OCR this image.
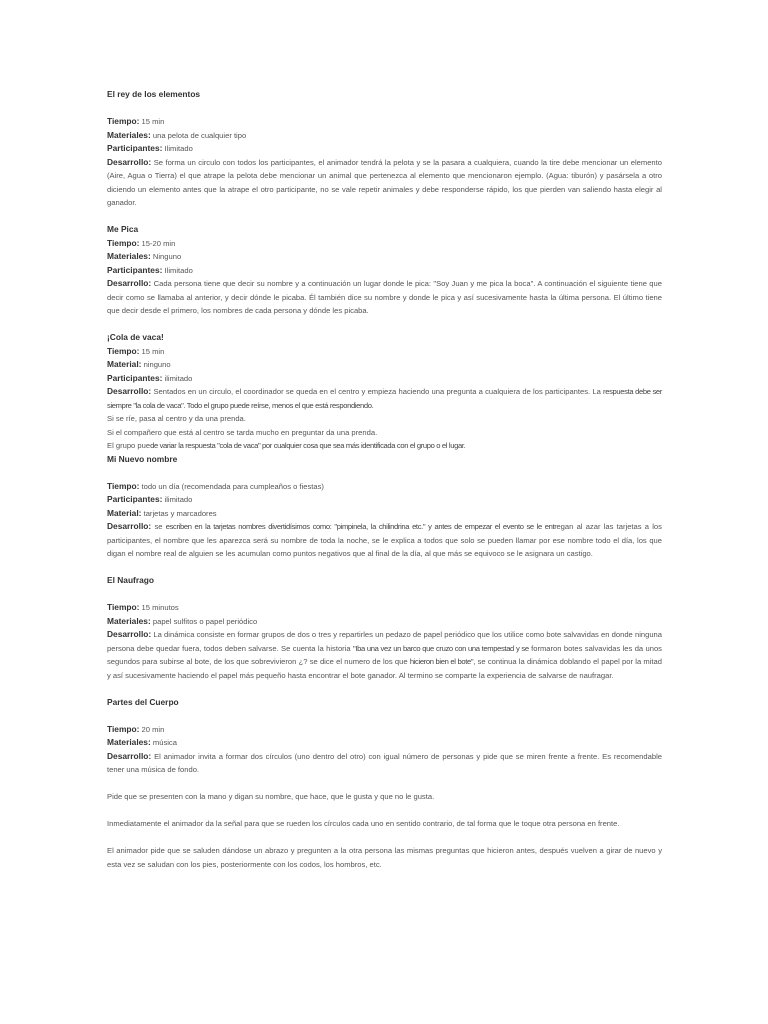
El rey de los elementos
Tiempo: 15 min
Materiales: una pelota de cualquier tipo
Participantes: Ilimitado
Desarrollo: Se forma un circulo con todos los participantes, el animador tendrá la pelota y se la pasara a cualquiera, cuando la tire debe mencionar un elemento (Aire, Agua o Tierra) el que atrape la pelota debe mencionar un animal que pertenezca al elemento que mencionaron ejemplo. (Agua: tiburón) y pasársela a otro diciendo un elemento antes que la atrape el otro participante, no se vale repetir animales y debe responderse rápido, los que pierden van saliendo hasta elegir al ganador.
Me Pica
Tiempo: 15-20 min
Materiales: Ninguno
Participantes: Ilimitado
Desarrollo: Cada persona tiene que decir su nombre y a continuación un lugar donde le pica: "Soy Juan y me pica la boca". A continuación el siguiente tiene que decir como se llamaba al anterior, y decir dónde le picaba. Él también dice su nombre y donde le pica y así sucesivamente hasta la última persona. El último tiene que decir desde el primero, los nombres de cada persona y dónde les picaba.
¡Cola de vaca!
Tiempo: 15 min
Material: ninguno
Participantes: ilimitado
Desarrollo: Sentados en un circulo, el coordinador se queda en el centro y empieza haciendo una pregunta a cualquiera de los participantes. La respuesta debe ser siempre "la cola de vaca". Todo el grupo puede reírse, menos el que está respondiendo.
Si se ríe, pasa al centro y da una prenda.
Si el compañero que está al centro se tarda mucho en preguntar da una prenda.
El grupo puede variar la respuesta "cola de vaca" por cualquier cosa que sea más identificada con el grupo o el lugar.
Mi Nuevo nombre
Tiempo: todo un día (recomendada para cumpleaños o fiestas)
Participantes: ilimitado
Material: tarjetas y marcadores
Desarrollo: se escriben en la tarjetas nombres divertidísimos como: "pimpinela, la chilindrina etc." y antes de empezar el evento se le entregan al azar las tarjetas a los participantes, el nombre que les aparezca será su nombre de toda la noche, se le explica a todos que solo se pueden llamar por ese nombre todo el día, los que digan el nombre real de alguien se les acumulan como puntos negativos que al final de la día, al que más se equivoco se le asignara un castigo.
El Naufrago
Tiempo: 15 minutos
Materiales: papel sulfitos o papel periódico
Desarrollo: La dinámica consiste en formar grupos de dos o tres y repartirles un pedazo de papel periódico que los utilice como bote salvavidas en donde ninguna persona debe quedar fuera, todos deben salvarse. Se cuenta la historia "Iba una vez un barco que cruzo con una tempestad y se formaron botes salvavidas les da unos segundos para subirse al bote, de los que sobrevivieron ¿? se dice el numero de los que hicieron bien el bote", se continua la dinámica doblando el papel por la mitad y así sucesivamente haciendo el papel más pequeño hasta encontrar el bote ganador. Al termino se comparte la experiencia de salvarse de naufragar.
Partes del Cuerpo
Tiempo: 20 min
Materiales: música
Desarrollo: El animador invita a formar dos círculos (uno dentro del otro) con igual número de personas y pide que se miren frente a frente. Es recomendable tener una música de fondo.
Pide que se presenten con la mano y digan su nombre, que hace, que le gusta y que no le gusta.
Inmediatamente el animador da la señal para que se rueden los círculos cada uno en sentido contrario, de tal forma que le toque otra persona en frente.
El animador pide que se saluden dándose un abrazo y pregunten a la otra persona las mismas preguntas que hicieron antes, después vuelven a girar de nuevo y esta vez se saludan con los pies, posteriormente con los codos, los hombros, etc.
